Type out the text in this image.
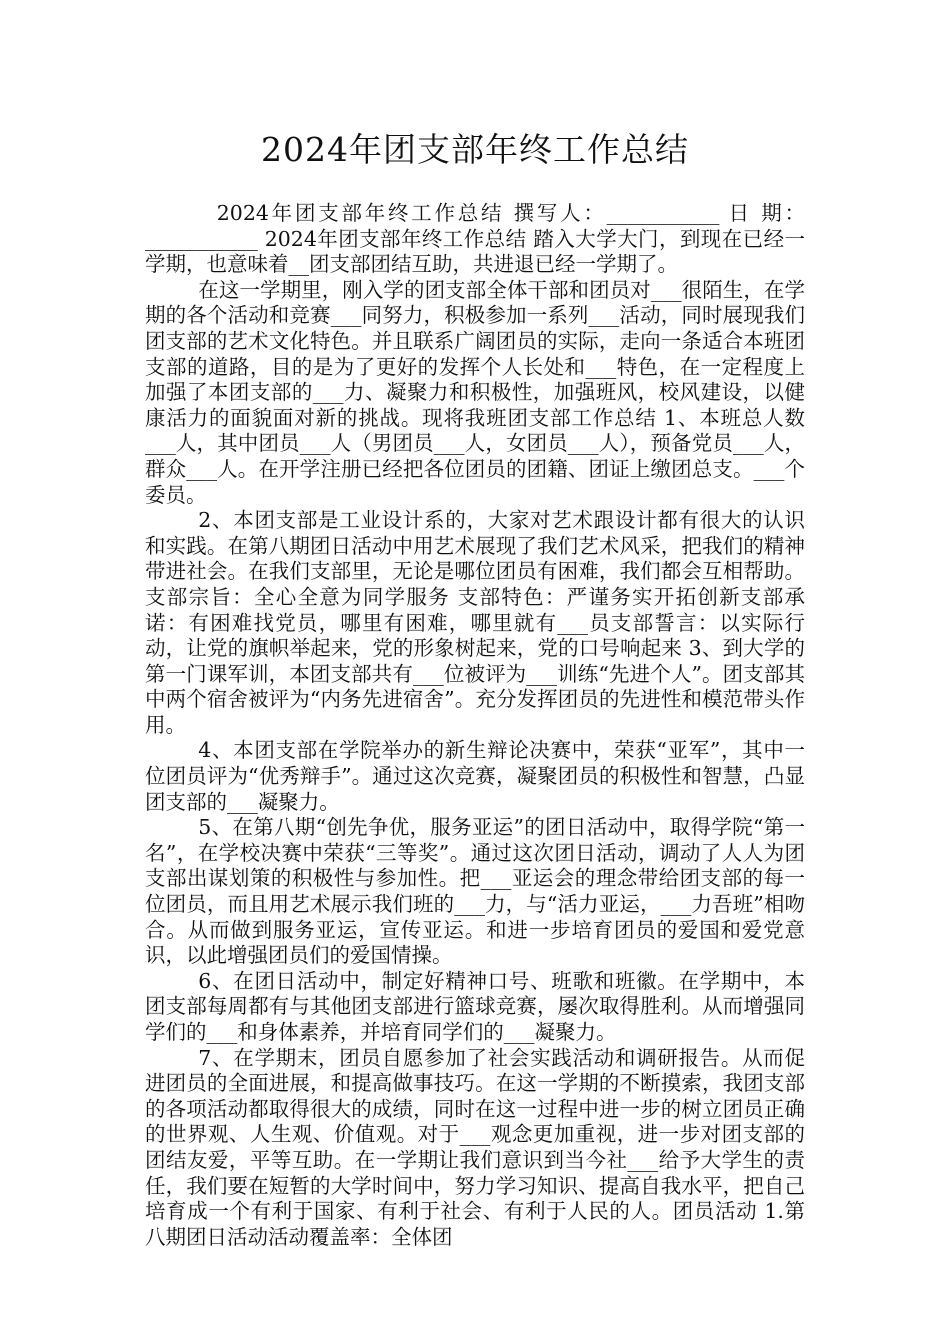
2024年团支部年终工作总结

2024年团支部年终工作总结 撰写人：___________ 日 期：___________ 2024年团支部年终工作总结 踏入大学大门，到现在已经一学期，也意味着__团支部团结互助，共进退已经一学期了。

在这一学期里，刚入学的团支部全体干部和团员对___很陌生，在学期的各个活动和竞赛___同努力，积极参加一系列___活动，同时展现我们团支部的艺术文化特色。并且联系广阔团员的实际，走向一条适合本班团支部的道路，目的是为了更好的发挥个人长处和___特色，在一定程度上加强了本团支部的___力、凝聚力和积极性，加强班风，校风建设，以健康活力的面貌面对新的挑战。现将我班团支部工作总结 1、本班总人数___人，其中团员___人（男团员___人，女团员___人），预备党员___人，群众___人。在开学注册已经把各位团员的团籍、团证上缴团总支。___个委员。

2、本团支部是工业设计系的，大家对艺术跟设计都有很大的认识和实践。在第八期团日活动中用艺术展现了我们艺术风采，把我们的精神带进社会。在我们支部里，无论是哪位团员有困难，我们都会互相帮助。支部宗旨：全心全意为同学服务 支部特色：严谨务实开拓创新支部承诺：有困难找党员，哪里有困难，哪里就有___员支部誓言：以实际行动，让党的旗帜举起来，党的形象树起来，党的口号响起来 3、到大学的第一门课军训，本团支部共有___位被评为___训练“先进个人”。团支部其中两个宿舍被评为“内务先进宿舍”。充分发挥团员的先进性和模范带头作用。

4、本团支部在学院举办的新生辩论决赛中，荣获“亚军”，其中一位团员评为“优秀辩手”。通过这次竞赛，凝聚团员的积极性和智慧，凸显团支部的___凝聚力。

5、在第八期“创先争优，服务亚运”的团日活动中，取得学院“第一名”，在学校决赛中荣获“三等奖”。通过这次团日活动，调动了人人为团支部出谋划策的积极性与参加性。把___亚运会的理念带给团支部的每一位团员，而且用艺术展示我们班的___力，与“活力亚运，___力吾班”相吻合。从而做到服务亚运，宣传亚运。和进一步培育团员的爱国和爱党意识，以此增强团员们的爱国情操。

6、在团日活动中，制定好精神口号、班歌和班徽。在学期中，本团支部每周都有与其他团支部进行篮球竞赛，屡次取得胜利。从而增强同学们的___和身体素养，并培育同学们的___凝聚力。

7、在学期末，团员自愿参加了社会实践活动和调研报告。从而促进团员的全面进展，和提高做事技巧。在这一学期的不断摸索，我团支部的各项活动都取得很大的成绩，同时在这一过程中进一步的树立团员正确的世界观、人生观、价值观。对于___观念更加重视，进一步对团支部的团结友爱，平等互助。在一学期让我们意识到当今社___给予大学生的责任，我们要在短暂的大学时间中，努力学习知识、提高自我水平，把自己培育成一个有利于国家、有利于社会、有利于人民的人。团员活动 1.第八期团日活动活动覆盖率：全体团
